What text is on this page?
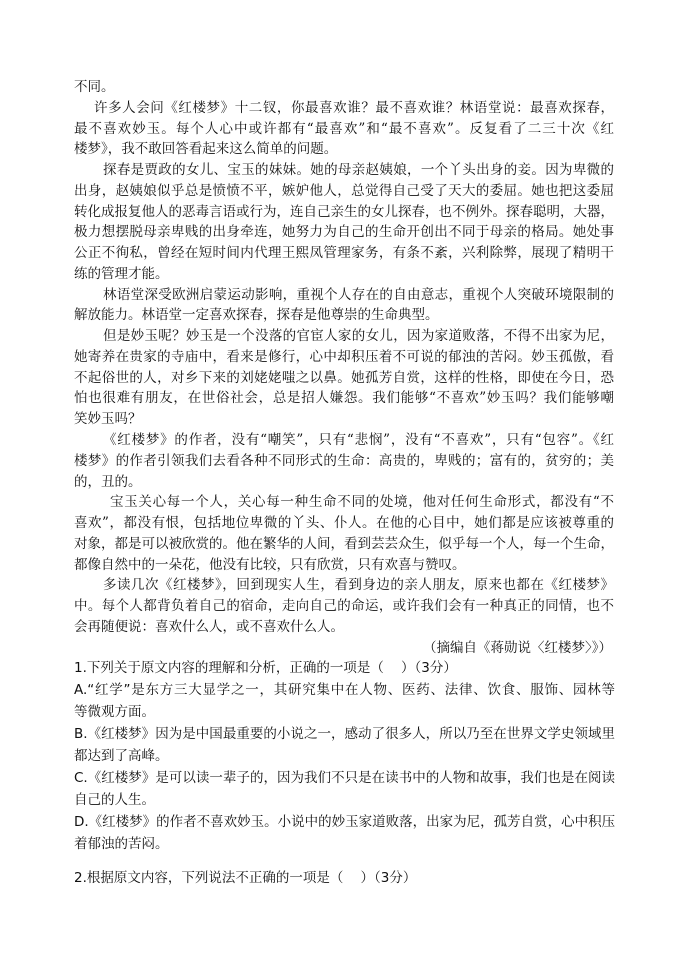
不同。
许多人会问《红楼梦》十二钗，你最喜欢谁？最不喜欢谁？林语堂说：最喜欢探春，
最不喜欢妙玉。每个人心中或许都有“最喜欢”和“最不喜欢”。反复看了二三十次《红
楼梦》，我不敢回答看起来这么简单的问题。
探春是贾政的女儿、宝玉的妹妹。她的母亲赵姨娘，一个丫头出身的妾。因为卑微的
出身，赵姨娘似乎总是愤愤不平，嫉妒他人，总觉得自己受了天大的委屈。她也把这委屈
转化成报复他人的恶毒言语或行为，连自己亲生的女儿探春，也不例外。探春聪明，大器，
极力想摆脱母亲卑贱的出身牵连，她努力为自己的生命开创出不同于母亲的格局。她处事
公正不徇私，曾经在短时间内代理王熙凤管理家务，有条不紊，兴利除弊，展现了精明干
练的管理才能。
林语堂深受欧洲启蒙运动影响，重视个人存在的自由意志，重视个人突破环境限制的
解放能力。林语堂一定喜欢探春，探春是他尊崇的生命典型。
但是妙玉呢？妙玉是一个没落的官宦人家的女儿，因为家道败落，不得不出家为尼，
她寄养在贵家的寺庙中，看来是修行，心中却积压着不可说的郁浊的苦闷。妙玉孤傲，看
不起俗世的人，对乡下来的刘姥姥嗤之以鼻。她孤芳自赏，这样的性格，即使在今日，恐
怕也很难有朋友，在世俗社会，总是招人嫌怨。我们能够“不喜欢”妙玉吗？我们能够嘲
笑妙玉吗？
《红楼梦》的作者，没有“嘲笑”，只有“悲悯”，没有“不喜欢”，只有“包容”。《红
楼梦》的作者引领我们去看各种不同形式的生命：高贵的，卑贱的；富有的，贫穷的；美
的，丑的。
宝玉关心每一个人，关心每一种生命不同的处境，他对任何生命形式，都没有“不
喜欢”，都没有恨，包括地位卑微的丫头、仆人。在他的心目中，她们都是应该被尊重的
对象，都是可以被欣赏的。他在繁华的人间，看到芸芸众生，似乎每一个人，每一个生命，
都像自然中的一朵花，他没有比较，只有欣赏，只有欢喜与赞叹。
多读几次《红楼梦》，回到现实人生，看到身边的亲人朋友，原来也都在《红楼梦》
中。每个人都背负着自己的宿命，走向自己的命运，或许我们会有一种真正的同情，也不
会再随便说：喜欢什么人，或不喜欢什么人。
（摘编自《蒋勋说〈红楼梦〉》）
1.下列关于原文内容的理解和分析，正确的一项是（    ）（3分）
A.“红学”是东方三大显学之一，其研究集中在人物、医药、法律、饮食、服饰、园林等
等微观方面。
B.《红楼梦》因为是中国最重要的小说之一，感动了很多人，所以乃至在世界文学史领域里
都达到了高峰。
C.《红楼梦》是可以读一辈子的，因为我们不只是在读书中的人物和故事，我们也是在阅读
自己的人生。
D.《红楼梦》的作者不喜欢妙玉。小说中的妙玉家道败落，出家为尼，孤芳自赏，心中积压
着郁浊的苦闷。
2.根据原文内容，下列说法不正确的一项是（    ）（3分）
